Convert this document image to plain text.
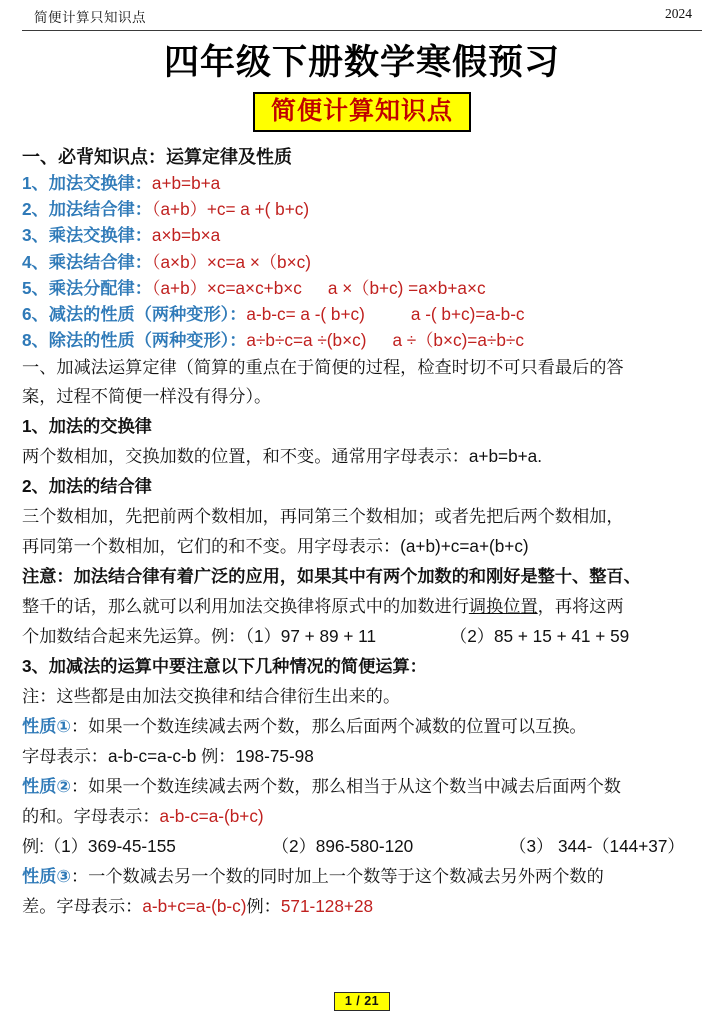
简便计算只知识点	2024
四年级下册数学寒假预习
简便计算知识点
一、必背知识点：运算定律及性质
1、加法交换律：a+b=b+a
2、加法结合律：（a+b）+c= a +( b+c)
3、乘法交换律：a×b=b×a
4、乘法结合律：（a×b）×c=a ×（b×c)
5、乘法分配律：（a+b）×c=a×c+b×c a ×（b+c) =a×b+a×c
6、减法的性质（两种变形）：a-b-c= a -( b+c)	a -( b+c)=a-b-c
8、除法的性质（两种变形）：a÷b÷c=a ÷(b×c) a ÷（b×c)=a÷b÷c
一、加减法运算定律（简算的重点在于简便的过程，检查时切不可只看最后的答
案，过程不简便一样没有得分）。
1、加法的交换律
两个数相加，交换加数的位置，和不变。通常用字母表示：a+b=b+a.
2、加法的结合律
三个数相加，先把前两个数相加，再同第三个数相加；或者先把后两个数相加，
再同第一个数相加，它们的和不变。用字母表示：(a+b)+c=a+(b+c)
注意：加法结合律有着广泛的应用，如果其中有两个加数的和刚好是整十、整百、
整千的话，那么就可以利用加法交换律将原式中的加数进行调换位置，再将这两
个加数结合起来先运算。例：（1）97 + 89 + 11	（2）85 + 15 + 41 + 59
3、加减法的运算中要注意以下几种情况的简便运算：
注：这些都是由加法交换律和结合律衍生出来的。
性质①：如果一个数连续减去两个数，那么后面两个减数的位置可以互换。
字母表示：a-b-c=a-c-b 例：198-75-98
性质②：如果一个数连续减去两个数，那么相当于从这个数当中减去后面两个数
的和。字母表示：a-b-c=a-(b+c)
例:（1）369-45-155	（2）896-580-120	（3） 344-（144+37）
性质③：一个数减去另一个数的同时加上一个数等于这个数减去另外两个数的
差。字母表示：a-b+c=a-(b-c)例：571-128+28
1 / 21
